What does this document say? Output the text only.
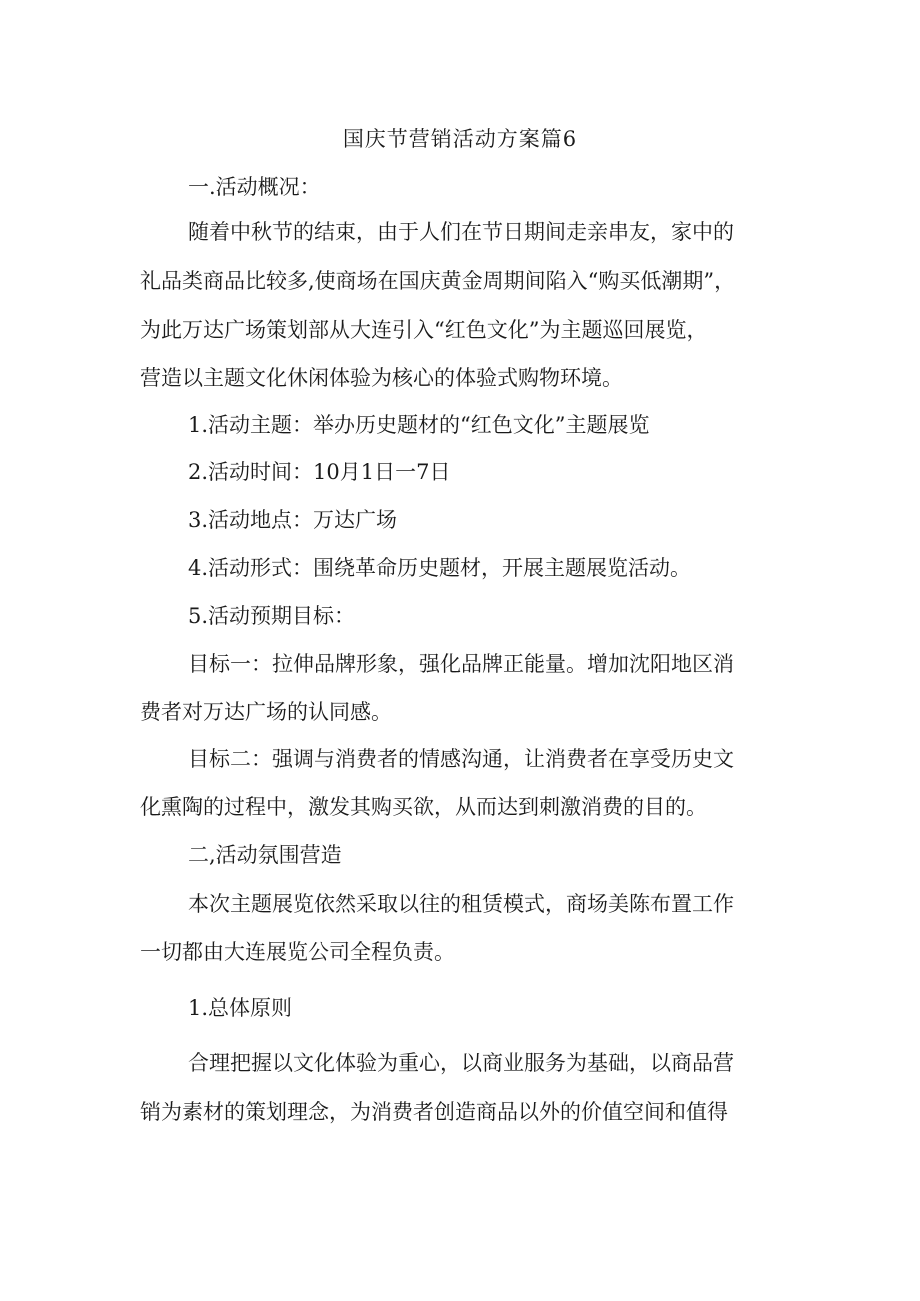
国庆节营销活动方案篇6
一.活动概况：
随着中秋节的结束，由于人们在节日期间走亲串友，家中的
礼品类商品比较多,使商场在国庆黄金周期间陷入“购买低潮期”，
为此万达广场策划部从大连引入“红色文化”为主题巡回展览，
营造以主题文化休闲体验为核心的体验式购物环境。
1.活动主题：举办历史题材的“红色文化”主题展览
2.活动时间：10月1日一7日
3.活动地点：万达广场
4.活动形式：围绕革命历史题材，开展主题展览活动。
5.活动预期目标：
目标一：拉伸品牌形象，强化品牌正能量。增加沈阳地区消
费者对万达广场的认同感。
目标二：强调与消费者的情感沟通，让消费者在享受历史文
化熏陶的过程中，激发其购买欲，从而达到刺激消费的目的。
二,活动氛围营造
本次主题展览依然采取以往的租赁模式，商场美陈布置工作
一切都由大连展览公司全程负责。
1.总体原则
合理把握以文化体验为重心，以商业服务为基础，以商品营
销为素材的策划理念，为消费者创造商品以外的价值空间和值得
